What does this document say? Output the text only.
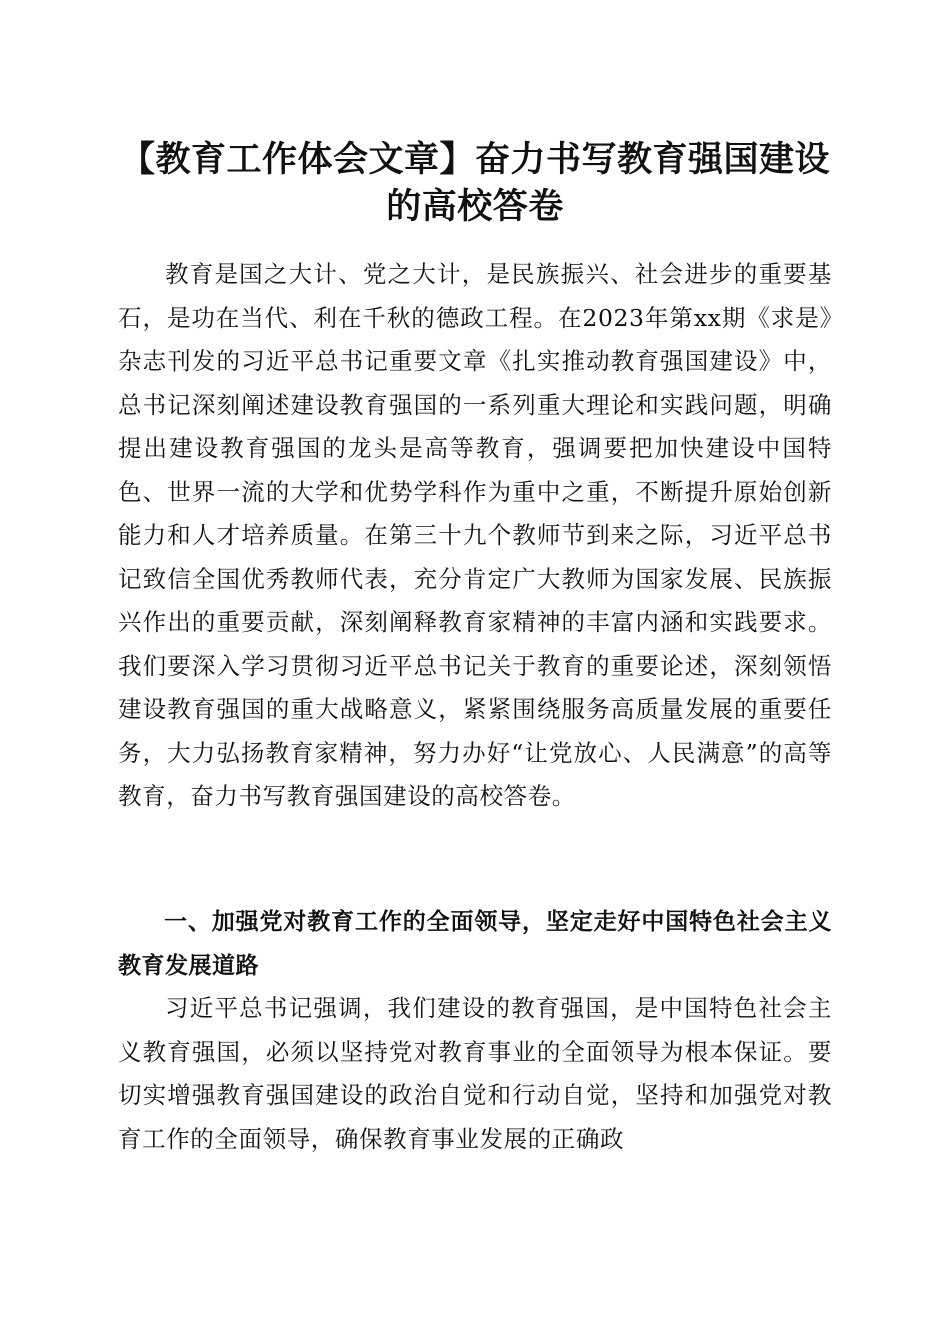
【教育工作体会文章】奋力书写教育强国建设
的高校答卷

教育是国之大计、党之大计，是民族振兴、社会进步的重要基石，是功在当代、利在千秋的德政工程。在2023年第xx期《求是》杂志刊发的习近平总书记重要文章《扎实推动教育强国建设》中，总书记深刻阐述建设教育强国的一系列重大理论和实践问题，明确提出建设教育强国的龙头是高等教育，强调要把加快建设中国特色、世界一流的大学和优势学科作为重中之重，不断提升原始创新能力和人才培养质量。在第三十九个教师节到来之际，习近平总书记致信全国优秀教师代表，充分肯定广大教师为国家发展、民族振兴作出的重要贡献，深刻阐释教育家精神的丰富内涵和实践要求。我们要深入学习贯彻习近平总书记关于教育的重要论述，深刻领悟建设教育强国的重大战略意义，紧紧围绕服务高质量发展的重要任务，大力弘扬教育家精神，努力办好“让党放心、人民满意”的高等教育，奋力书写教育强国建设的高校答卷。

一、加强党对教育工作的全面领导，坚定走好中国特色社会主义教育发展道路

习近平总书记强调，我们建设的教育强国，是中国特色社会主义教育强国，必须以坚持党对教育事业的全面领导为根本保证。要切实增强教育强国建设的政治自觉和行动自觉，坚持和加强党对教育工作的全面领导，确保教育事业发展的正确政
